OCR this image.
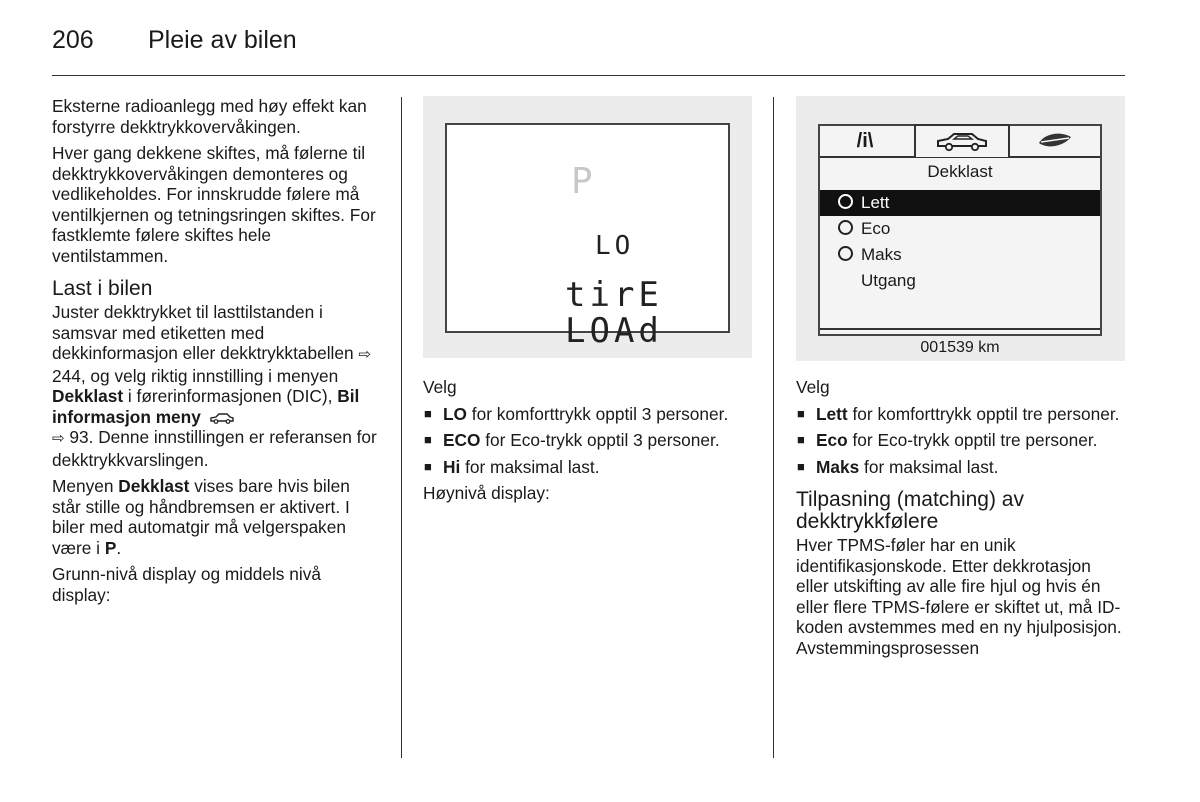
206 Pleie av bilen

Eksterne radioanlegg med høy effekt kan forstyrre dekktrykkovervåkingen.

Hver gang dekkene skiftes, må følerne til dekktrykkovervåkingen demonteres og vedlikeholdes. For innskrudde følere må ventilkjernen og tetningsringen skiftes. For fastklemte følere skiftes hele ventilstammen.

Last i bilen

Juster dekktrykket til lasttilstanden i samsvar med etiketten med dekkinformasjon eller dekktrykktabellen ⇨ 244, og velg riktig innstilling i menyen Dekklast i førerinformasjonen (DIC), Bil informasjon meny
⇨ 93. Denne innstillingen er referansen for dekktrykkvarslingen.

Menyen Dekklast vises bare hvis bilen står stille og håndbremsen er aktivert. I biler med automatgir må velgerspaken være i P.

Grunn-nivå display og middels nivå display:

P
LO
tirE
LOAd

Velg

■ LO for komforttrykk opptil 3 personer.
■ ECO for Eco-trykk opptil 3 personer.
■ Hi for maksimal last.

Høynivå display:

/i\
Dekklast
Lett
Eco
Maks
Utgang
001539 km

Velg

■ Lett for komforttrykk opptil tre personer.
■ Eco for Eco-trykk opptil tre personer.
■ Maks for maksimal last.
Tilpasning (matching) av dekktrykkfølere

Hver TPMS-føler har en unik identifikasjonskode. Etter dekkrotasjon eller utskifting av alle fire hjul og hvis én eller flere TPMS-følere er skiftet ut, må ID-koden avstemmes med en ny hjulposisjon. Avstemmingsprosessen
